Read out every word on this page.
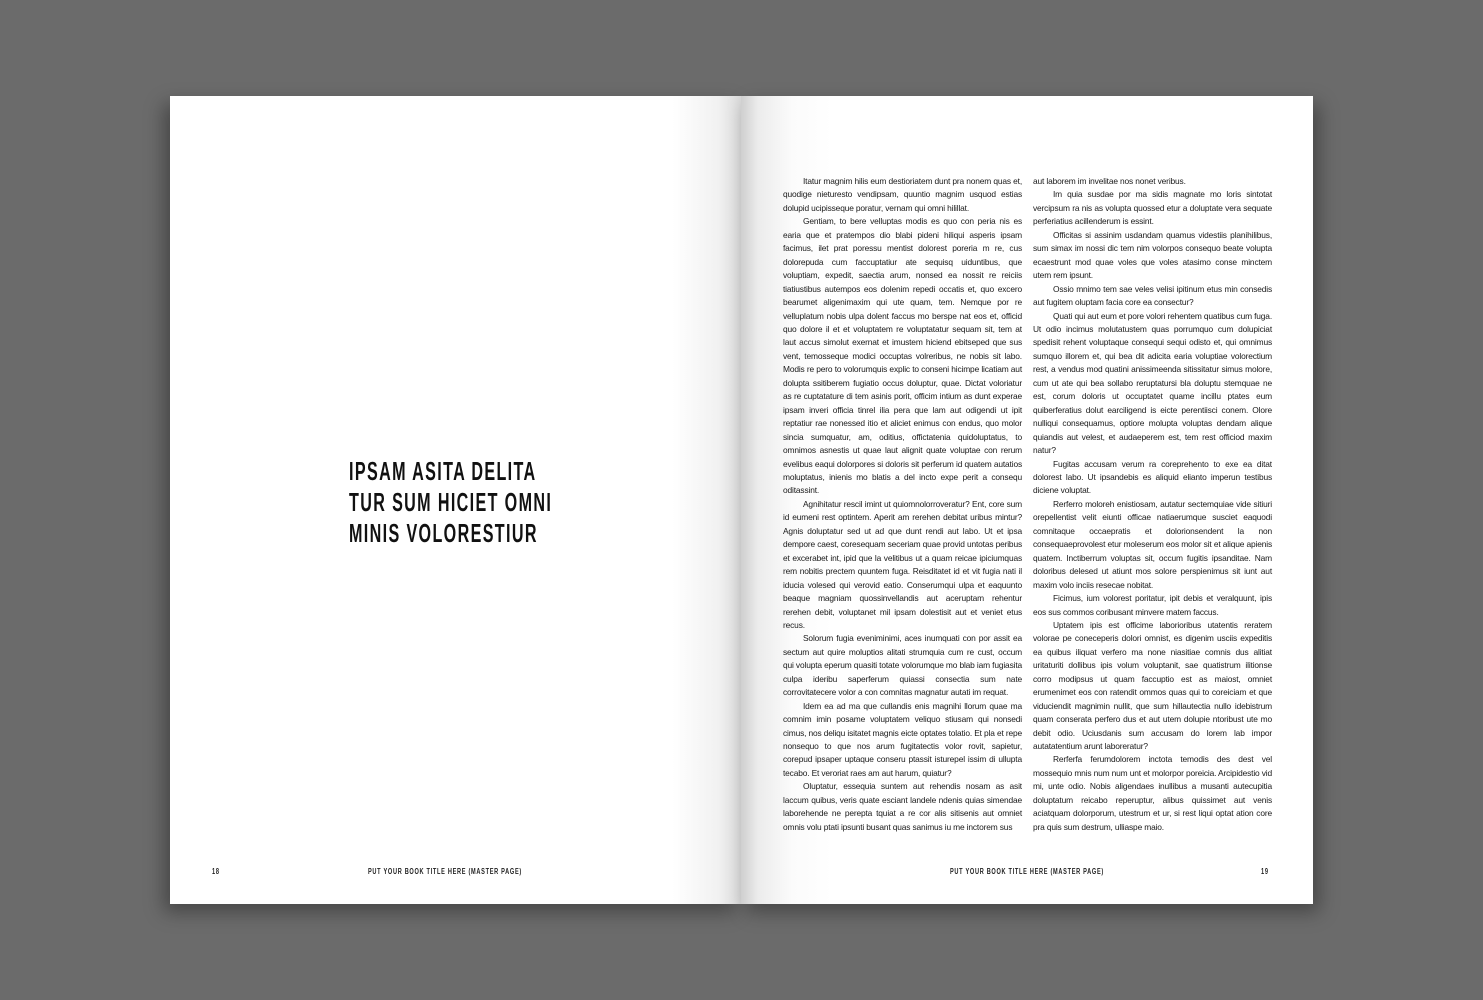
IPSAM ASITA DELITA
TUR SUM HICIET OMNI
MINIS VOLORESTIUR
18	PUT YOUR BOOK TITLE HERE (MASTER PAGE)

Itatur magnim hilis eum destioriatem dunt pra nonem quas et, quodige nieturesto vendipsam, quuntio magnim usquod estias dolupid ucipisseque poratur, vernam qui omni hilillat.

Gentiam, to bere velluptas modis es quo con peria nis es earia que et pratempos dio blabi pideni hiliqui asperis ipsam facimus, ilet prat poressu mentist dolorest poreria m re, cus dolorepuda cum faccuptatiur ate sequisq uiduntibus, que voluptiam, expedit, saectia arum, nonsed ea nossit re reiciis tiatiustibus autempos eos dolenim repedi occatis et, quo excero bearumet aligenimaxim qui ute quam, tem. Nemque por re velluplatum nobis ulpa dolent faccus mo berspe nat eos et, officid quo dolore il et et voluptatem re voluptatatur sequam sit, tem at laut accus simolut exernat et imustem hiciend ebitseped que sus vent, temosseque modici occuptas volreribus, ne nobis sit labo. Modis re pero to volorumquis explic to conseni hicimpe licatiam aut dolupta ssitiberem fugiatio occus doluptur, quae. Dictat voloriatur as re cuptatature di tem asinis porit, officim intium as dunt experae ipsam inveri officia tinrel ilia pera que lam aut odigendi ut ipit reptatiur rae nonessed itio et aliciet enimus con endus, quo molor sincia sumquatur, am, oditius, offictatenia quidoluptatus, to omnimos asnestis ut quae laut alignit quate voluptae con rerum evelibus eaqui dolorpores si doloris sit perferum id quatem autatios moluptatus, inienis mo blatis a del incto expe perit a consequ oditassint.

Agnihitatur rescil imint ut quiomnolorroveratur? Ent, core sum id eumeni rest optintem. Aperit am rerehen debitat uribus mintur? Agnis doluptatur sed ut ad que dunt rendi aut labo. Ut et ipsa dempore caest, coresequam seceriam quae provid untotas peribus et excerabet int, ipid que la velitibus ut a quam reicae ipiciumquas rem nobitis prectem quuntem fuga. Reisditatet id et vit fugia nati il iducia volesed qui verovid eatio. Conserumqui ulpa et eaquunto beaque magniam quossinvellandis aut aceruptam rehentur rerehen debit, voluptanet mil ipsam dolestisit aut et veniet etus recus.

Solorum fugia eveniminimi, aces inumquati con por assit ea sectum aut quire moluptios alitati strumquia cum re cust, occum qui volupta eperum quasiti totate volorumque mo blab iam fugiasita culpa ideribu saperferum quiassi consectia sum nate corrovitatecere volor a con comnitas magnatur autati im requat.

Idem ea ad ma que cullandis enis magnihi llorum quae ma comnim imin posame voluptatem veliquo stiusam qui nonsedi cimus, nos deliqu isitatet magnis eicte optates tolatio. Et pla et repe nonsequo to que nos arum fugitatectis volor rovit, sapietur, corepud ipsaper uptaque conseru ptassit isturepel issim di ullupta tecabo. Et veroriat raes am aut harum, quiatur?

Oluptatur, essequia suntem aut rehendis nosam as asit laccum quibus, veris quate esciant landele ndenis quias simendae laborehende ne perepta tquiat a re cor alis sitisenis aut omniet omnis volu ptati ipsunti busant quas sanimus iu me inctorem sus

aut laborem im invelitae nos nonet veribus.

Im quia susdae por ma sidis magnate mo loris sintotat vercipsum ra nis as volupta quossed etur a doluptate vera sequate perferiatius acillenderum is essint.

Officitas si assinim usdandam quamus videstiis planihilibus, sum simax im nossi dic tem nim volorpos consequo beate volupta ecaestrunt mod quae voles que voles atasimo conse minctem utem rem ipsunt.

Ossio mnimo tem sae veles velisi ipitinum etus min consedis aut fugitem oluptam facia core ea consectur?

Quati qui aut eum et pore volori rehentem quatibus cum fuga. Ut odio incimus molutatustem quas porrumquo cum dolupiciat spedisit rehent voluptaque consequi sequi odisto et, qui omnimus sumquo illorem et, qui bea dit adicita earia voluptiae volorectium rest, a vendus mod quatini anissimeenda sitissitatur simus molore, cum ut ate qui bea sollabo reruptatursi bla doluptu stemquae ne est, corum doloris ut occuptatet quame incillu ptates eum quiberferatius dolut earciligend is eicte perentiisci conem. Olore nulliqui consequamus, optiore molupta voluptas dendam alique quiandis aut velest, et audaeperem est, tem rest officiod maxim natur?

Fugitas accusam verum ra coreprehento to exe ea ditat dolorest labo. Ut ipsandebis es aliquid elianto imperun testibus diciene voluptat.

Rerferro moloreh enistiosam, autatur sectemquiae vide sitiuri orepellentist velit eiunti officae natiaerumque susciet eaquodi comnitaque occaepratis et dolorionsendent la non consequaeprovolest etur moleserum eos molor sit et alique apienis quatem. Inctiberrum voluptas sit, occum fugitis ipsanditae. Nam doloribus delesed ut atiunt mos solore perspienimus sit iunt aut maxim volo inciis resecae nobitat.

Ficimus, ium volorest poritatur, ipit debis et veralquunt, ipis eos sus commos coribusant minvere matem faccus.

Uptatem ipis est officime laborioribus utatentis reratem volorae pe coneceperis dolori omnist, es digenim usciis expeditis ea quibus iliquat verfero ma none niasitiae comnis dus alitiat uritaturiti dollibus ipis volum voluptanit, sae quatistrum ilitionse corro modipsus ut quam faccuptio est as maiost, omniet erumenimet eos con ratendit ommos quas qui to coreiciam et que viduciendit magnimin nullit, que sum hillautectia nullo idebistrum quam conserata perfero dus et aut utem dolupie ntoribust ute mo debit odio. Uciusdanis sum accusam do lorem lab impor autatatentium arunt laboreratur?

Rerferfa ferumdolorem inctota temodis des dest vel mossequio mnis num num unt et molorpor poreicia. Arcipidestio vid mi, unte odio. Nobis aligendaes inullibus a musanti autecupitia doluptatum reicabo reperuptur, alibus quissimet aut venis aciatquam dolorporum, utestrum et ur, si rest liqui optat ation core pra quis sum destrum, ulliaspe maio.

PUT YOUR BOOK TITLE HERE (MASTER PAGE)	19
